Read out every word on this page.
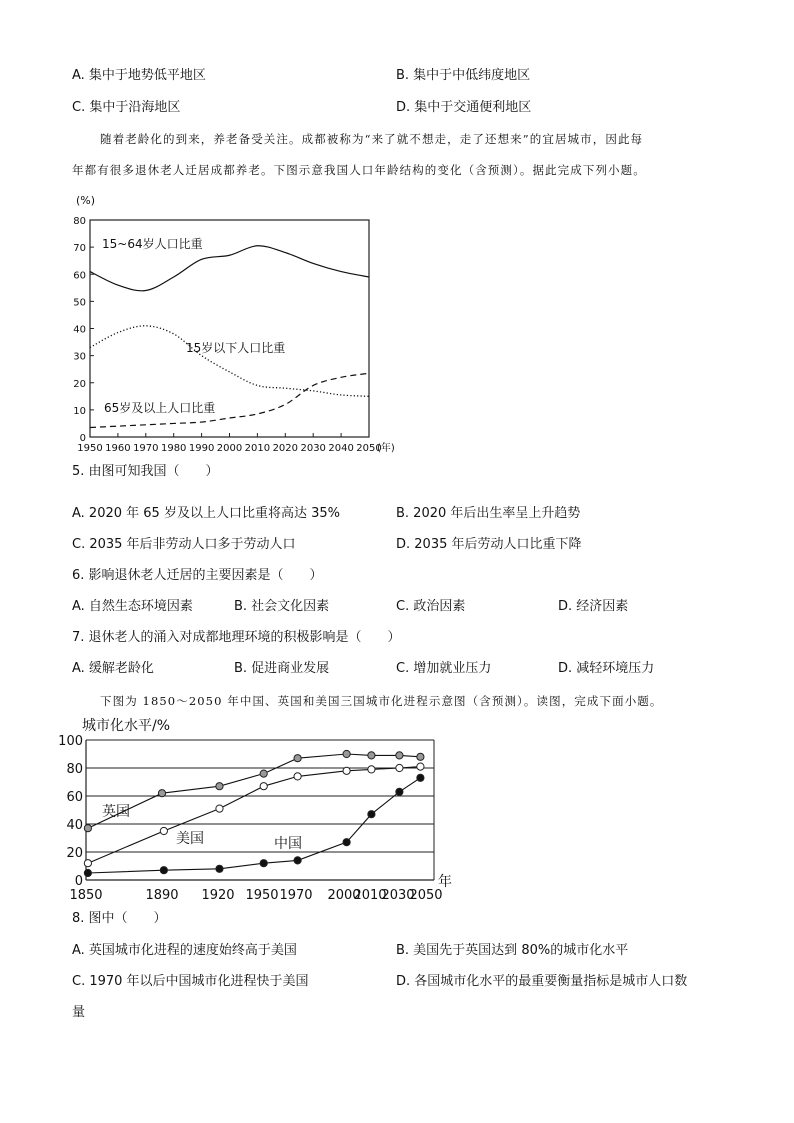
A. 集中于地势低平地区	B. 集中于中低纬度地区
C. 集中于沿海地区	D. 集中于交通便利地区
随着老龄化的到来，养老备受关注。成都被称为“来了就不想走，走了还想来”的宜居城市，因此每
年都有很多退休老人迁居成都养老。下图示意我国人口年龄结构的变化（含预测）。据此完成下列小题。
(%)
0
10
20
30
40
50
60
70
80
1950 1960 1970 1980 1990 2000 2010 2020 2030 2040 2050
(年)
15~64岁人口比重
15岁以下人口比重
65岁及以上人口比重
5. 由图可知我国（　　）
A. 2020 年 65 岁及以上人口比重将高达 35%	B. 2020 年后出生率呈上升趋势
C. 2035 年后非劳动人口多于劳动人口	D. 2035 年后劳动人口比重下降
6. 影响退休老人迁居的主要因素是（　　）
A. 自然生态环境因素	B. 社会文化因素	C. 政治因素	D. 经济因素
7. 退休老人的涌入对成都地理环境的积极影响是（　　）
A. 缓解老龄化	B. 促进商业发展	C. 增加就业压力	D. 减轻环境压力
下图为 1850～2050 年中国、英国和美国三国城市化进程示意图（含预测）。读图，完成下面小题。
城市化水平/%
0
20
40
60
80
100
1850	1890 1920 1950 1970 2000
2010
2030
2050
年
英国
美国	中国
8. 图中（　　）
A. 英国城市化进程的速度始终高于美国	B. 美国先于英国达到 80%的城市化水平
C. 1970 年以后中国城市化进程快于美国	D. 各国城市化水平的最重要衡量指标是城市人口数
量
